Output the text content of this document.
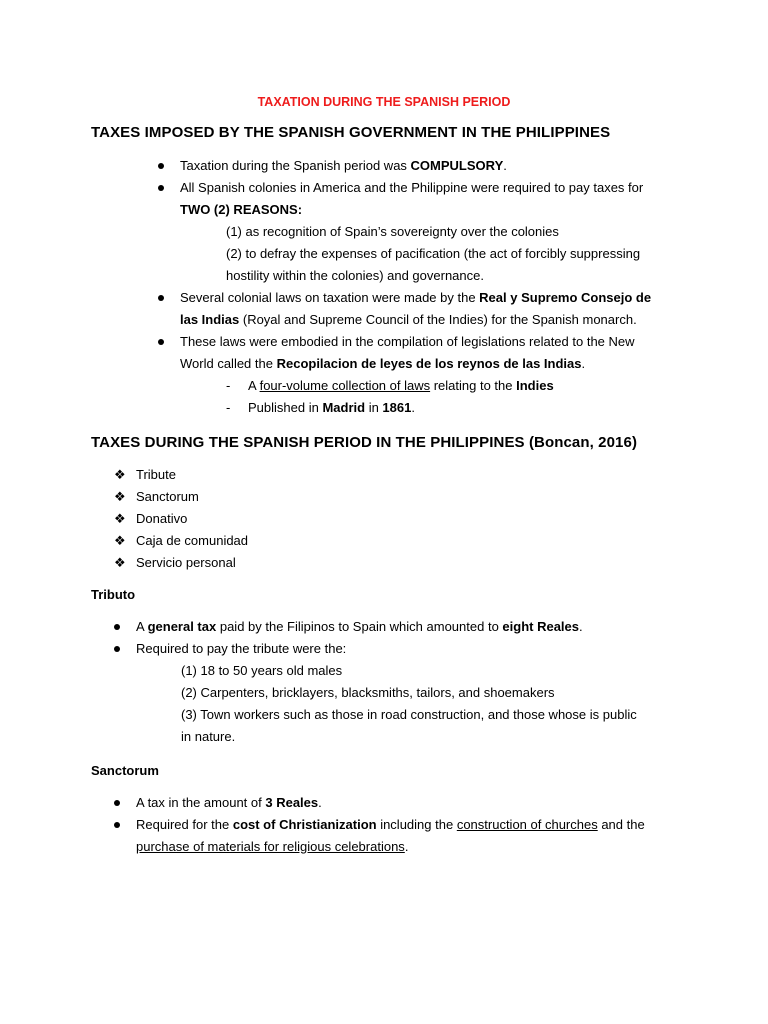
TAXATION DURING THE SPANISH PERIOD
TAXES IMPOSED BY THE SPANISH GOVERNMENT IN THE PHILIPPINES
Taxation during the Spanish period was COMPULSORY.
All Spanish colonies in America and the Philippine were required to pay taxes for
TWO (2) REASONS:
(1) as recognition of Spain’s sovereignty over the colonies
(2) to defray the expenses of pacification (the act of forcibly suppressing
hostility within the colonies) and governance.
Several colonial laws on taxation were made by the Real y Supremo Consejo de
las Indias (Royal and Supreme Council of the Indies) for the Spanish monarch.
These laws were embodied in the compilation of legislations related to the New
World called the Recopilacion de leyes de los reynos de las Indias.
- A four-volume collection of laws relating to the Indies
- Published in Madrid in 1861.
TAXES DURING THE SPANISH PERIOD IN THE PHILIPPINES (Boncan, 2016)
❖ Tribute
❖ Sanctorum
❖ Donativo
❖ Caja de comunidad
❖ Servicio personal
Tributo
A general tax paid by the Filipinos to Spain which amounted to eight Reales.
Required to pay the tribute were the:
(1) 18 to 50 years old males
(2) Carpenters, bricklayers, blacksmiths, tailors, and shoemakers
(3) Town workers such as those in road construction, and those whose is public
in nature.
Sanctorum
A tax in the amount of 3 Reales.
Required for the cost of Christianization including the construction of churches and the
purchase of materials for religious celebrations.
